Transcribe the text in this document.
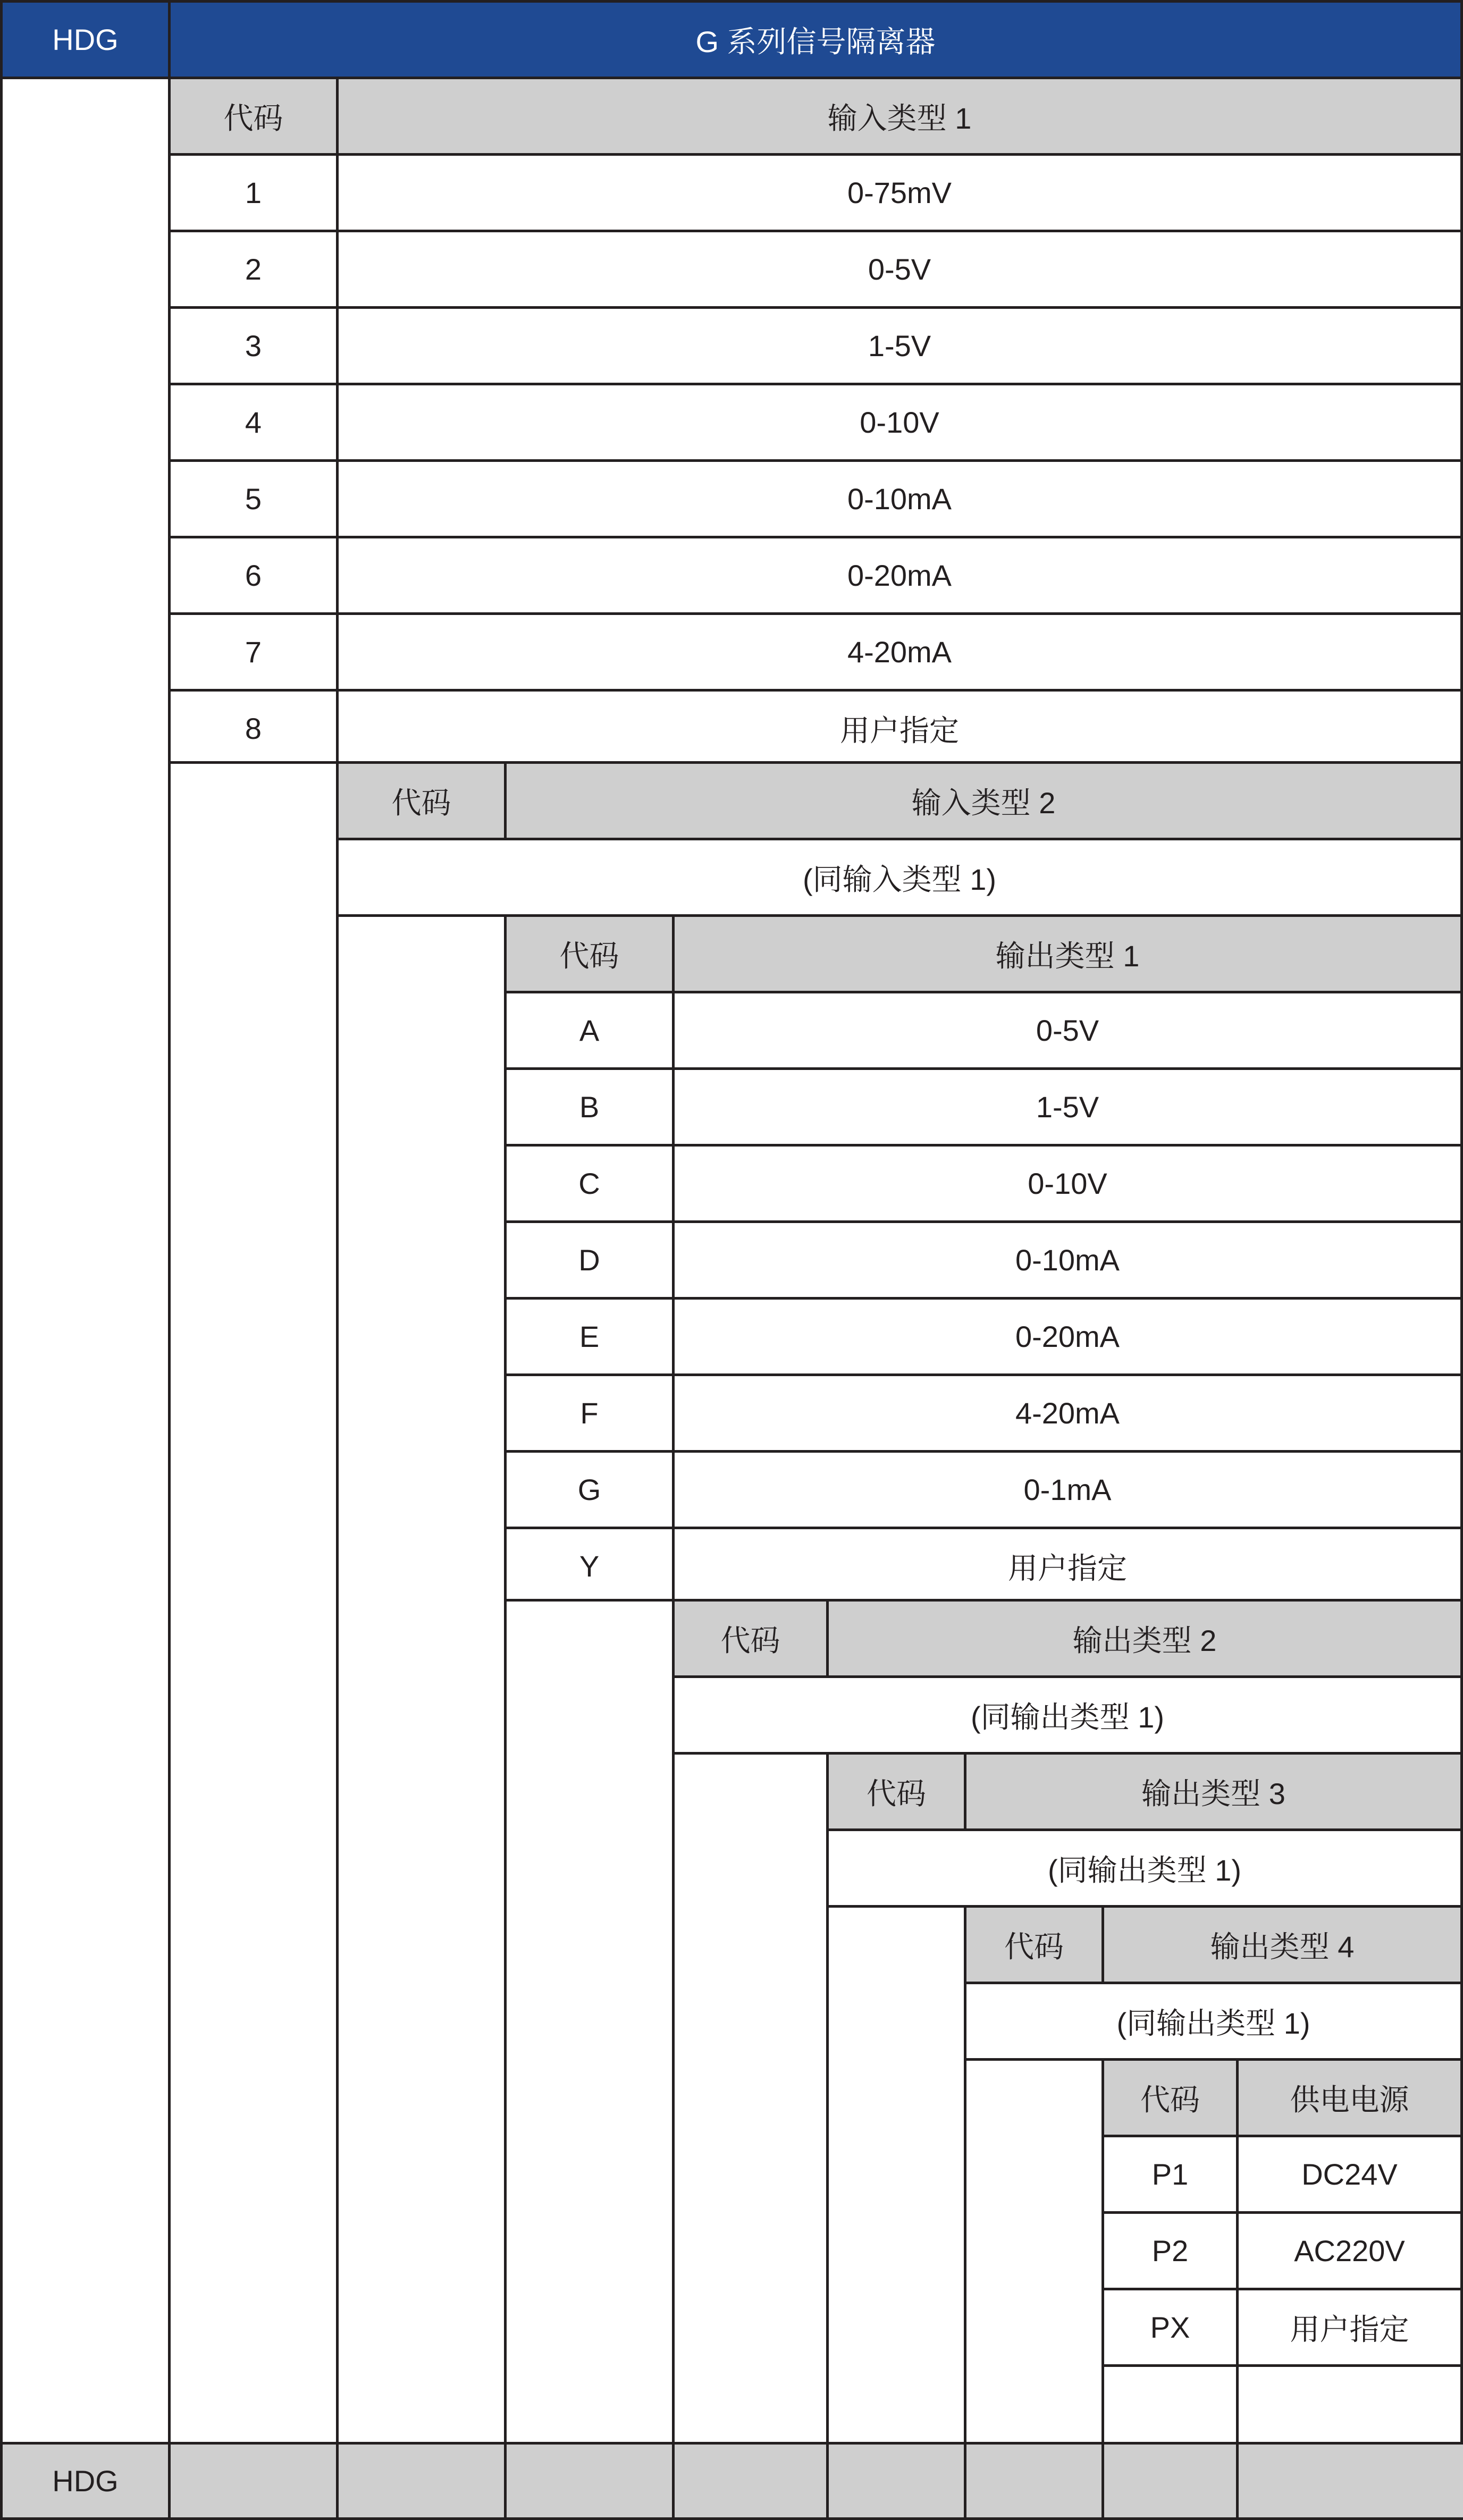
HDG	G 系列信号隔离器
代码	输入类型 1
1	0-75mV
2	0-5V
3	1-5V
4	0-10V
5	0-10mA
6	0-20mA
7	4-20mA
8	用户指定
代码	输入类型 2
(同输入类型 1)
代码	输出类型 1
A	0-5V
B	1-5V
C	0-10V
D	0-10mA
E	0-20mA
F	4-20mA
G	0-1mA
Y	用户指定
代码	输出类型 2
(同输出类型 1)
代码	输出类型 3
(同输出类型 1)
代码	输出类型 4
(同输出类型 1)
代码	供电电源
P1	DC24V
P2	AC220V
PX	用户指定
HDG
